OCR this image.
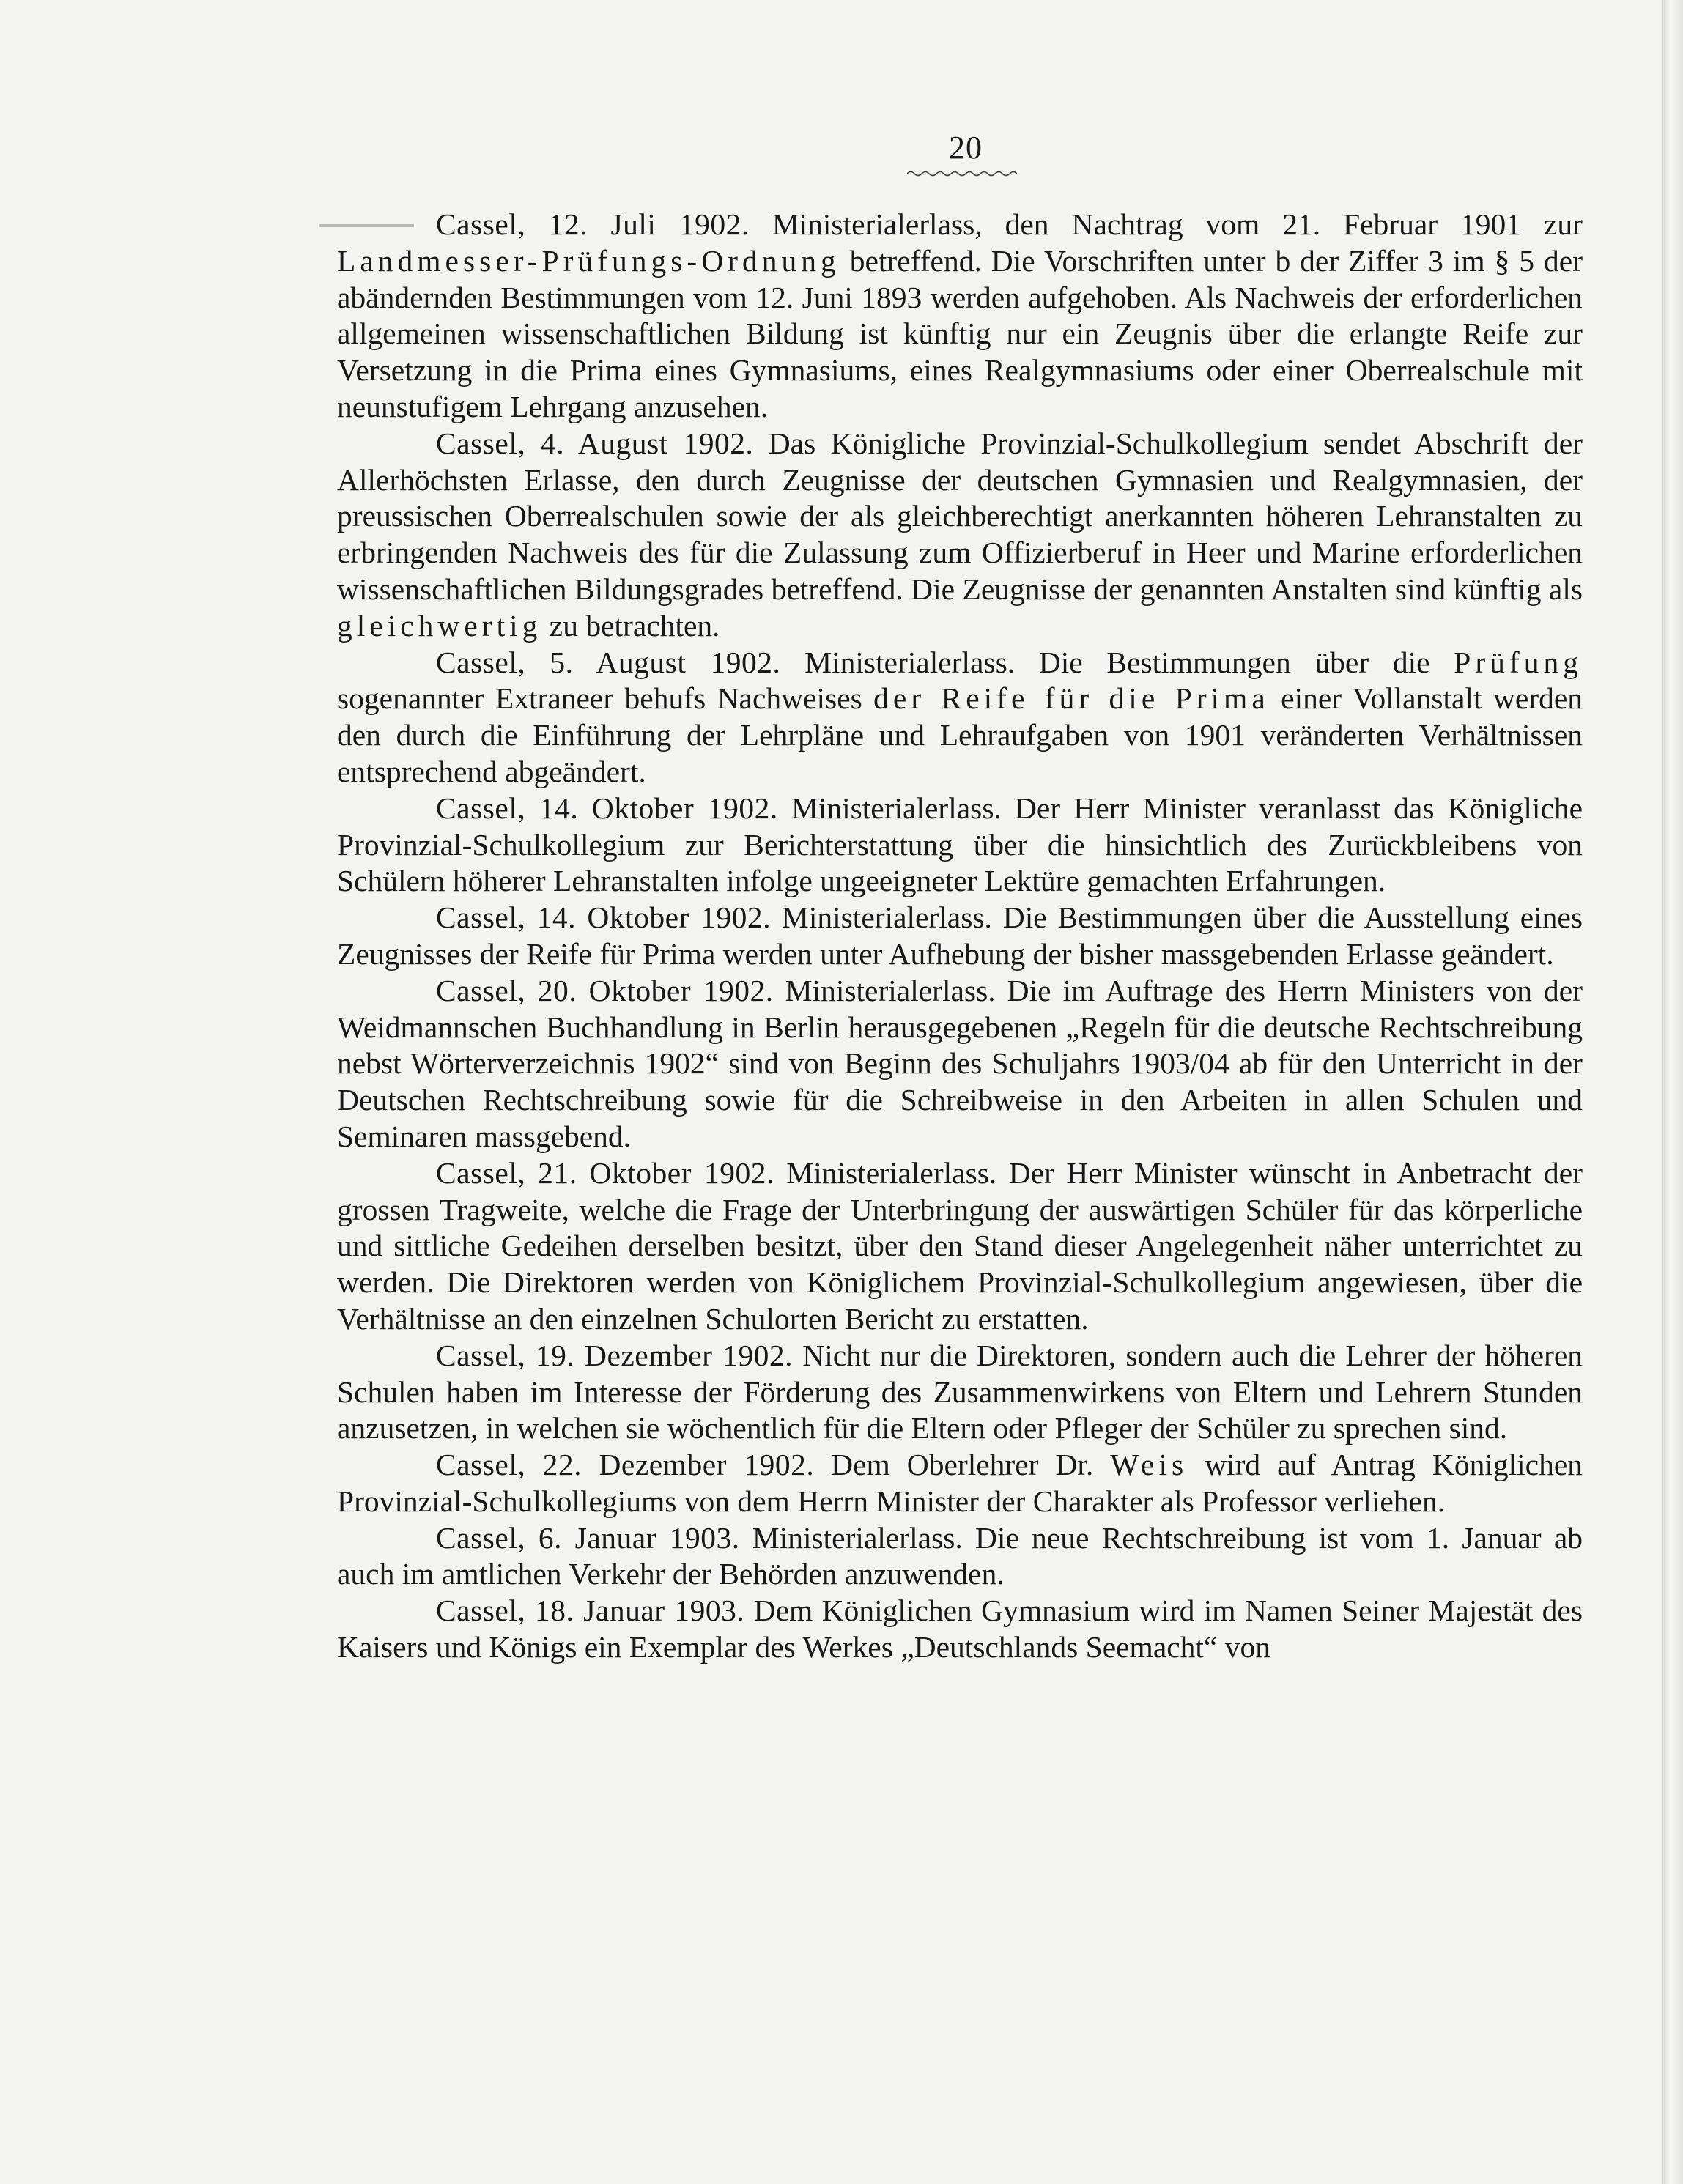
20

Cassel, 12. Juli 1902. Ministerialerlass, den Nachtrag vom 21. Februar 1901 zur Landmesser-Prüfungs-Ordnung betreffend. Die Vorschriften unter b der Ziffer 3 im § 5 der abändernden Bestimmungen vom 12. Juni 1893 werden aufgehoben. Als Nachweis der erforderlichen allgemeinen wissenschaftlichen Bildung ist künftig nur ein Zeugnis über die erlangte Reife zur Versetzung in die Prima eines Gymnasiums, eines Realgymnasiums oder einer Oberrealschule mit neunstufigem Lehrgang anzusehen.

Cassel, 4. August 1902. Das Königliche Provinzial-Schulkollegium sendet Abschrift der Allerhöchsten Erlasse, den durch Zeugnisse der deutschen Gymnasien und Realgymnasien, der preussischen Oberrealschulen sowie der als gleichberechtigt anerkannten höheren Lehranstalten zu erbringenden Nachweis des für die Zulassung zum Offizierberuf in Heer und Marine erforderlichen wissenschaftlichen Bildungsgrades betreffend. Die Zeugnisse der genannten Anstalten sind künftig als gleichwertig zu betrachten.

Cassel, 5. August 1902. Ministerialerlass. Die Bestimmungen über die Prüfung sogenannter Extraneer behufs Nachweises der Reife für die Prima einer Vollanstalt werden den durch die Einführung der Lehrpläne und Lehraufgaben von 1901 veränderten Verhältnissen entsprechend abgeändert.

Cassel, 14. Oktober 1902. Ministerialerlass. Der Herr Minister veranlasst das Königliche Provinzial-Schulkollegium zur Berichterstattung über die hinsichtlich des Zurückbleibens von Schülern höherer Lehranstalten infolge ungeeigneter Lektüre gemachten Erfahrungen.

Cassel, 14. Oktober 1902. Ministerialerlass. Die Bestimmungen über die Ausstellung eines Zeugnisses der Reife für Prima werden unter Aufhebung der bisher massgebenden Erlasse geändert.

Cassel, 20. Oktober 1902. Ministerialerlass. Die im Auftrage des Herrn Ministers von der Weidmannschen Buchhandlung in Berlin herausgegebenen „Regeln für die deutsche Rechtschreibung nebst Wörterverzeichnis 1902“ sind von Beginn des Schuljahrs 1903/04 ab für den Unterricht in der Deutschen Rechtschreibung sowie für die Schreibweise in den Arbeiten in allen Schulen und Seminaren massgebend.

Cassel, 21. Oktober 1902. Ministerialerlass. Der Herr Minister wünscht in Anbetracht der grossen Tragweite, welche die Frage der Unterbringung der auswärtigen Schüler für das körperliche und sittliche Gedeihen derselben besitzt, über den Stand dieser Angelegenheit näher unterrichtet zu werden. Die Direktoren werden von Königlichem Provinzial-Schulkollegium angewiesen, über die Verhältnisse an den einzelnen Schulorten Bericht zu erstatten.

Cassel, 19. Dezember 1902. Nicht nur die Direktoren, sondern auch die Lehrer der höheren Schulen haben im Interesse der Förderung des Zusammenwirkens von Eltern und Lehrern Stunden anzusetzen, in welchen sie wöchentlich für die Eltern oder Pfleger der Schüler zu sprechen sind.

Cassel, 22. Dezember 1902. Dem Oberlehrer Dr. Weis wird auf Antrag Königlichen Provinzial-Schulkollegiums von dem Herrn Minister der Charakter als Professor verliehen.

Cassel, 6. Januar 1903. Ministerialerlass. Die neue Rechtschreibung ist vom 1. Januar ab auch im amtlichen Verkehr der Behörden anzuwenden.

Cassel, 18. Januar 1903. Dem Königlichen Gymnasium wird im Namen Seiner Majestät des Kaisers und Königs ein Exemplar des Werkes „Deutschlands Seemacht“ von
